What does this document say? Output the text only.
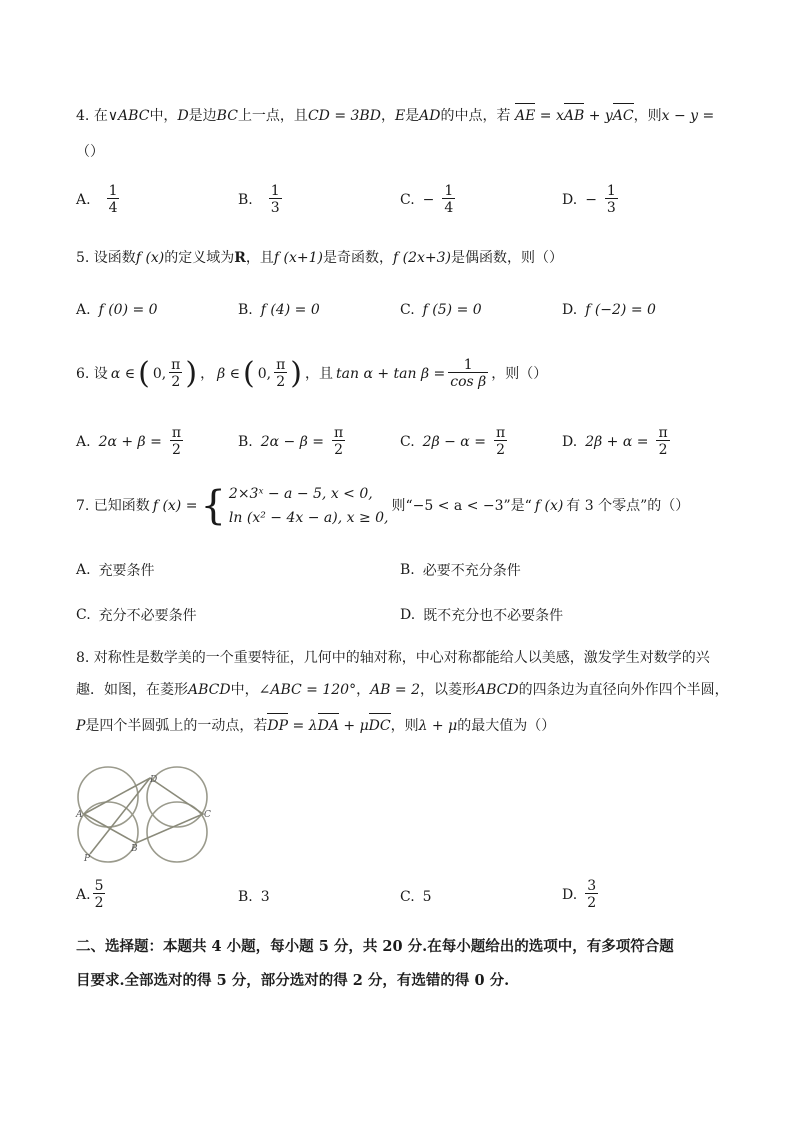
4. 在∨ABC中，D是边BC上一点，且CD = 3BD，E是AD的中点，若 AE = xAB + yAC，则x − y =
（）
A. $\frac{1}{4}$	B. $\frac{1}{3}$	C. − $\frac{1}{4}$	D. − $\frac{1}{3}$
5. 设函数f (x)的定义域为R，且f (x+1)是奇函数，f (2x+3)是偶函数，则（）
A. f (0) = 0	B. f (4) = 0	C. f (5) = 0	D. f (−2) = 0
6. 设 α ∈ ( 0, $\frac{\pi}{2}$ ) ， β ∈ ( 0, $\frac{\pi}{2}$ ) ，且 $\tan \alpha + \tan \beta = \frac{1}{\text{cos β}}$ ，则（）
A. $2\alpha + \beta = \frac{\pi}{2}$	B. $2\alpha - \beta = \frac{\pi}{2}$	C. $2\beta - \alpha = \frac{\pi}{2}$	D. $2\beta + \alpha = \frac{\pi}{2}$
7. 已知函数 f (x) = { 2×3ˣ − a − 5, x < 0,
ln (x² − 4x − a), x ≥ 0,
则“−5 < a < −3”是“ f (x) 有 3 个零点”的（）
A. 充要条件	B. 必要不充分条件
C. 充分不必要条件	D. 既不充分也不必要条件
8. 对称性是数学美的一个重要特征，几何中的轴对称，中心对称都能给人以美感，激发学生对数学的兴
趣．如图，在菱形ABCD中，∠ABC = 120°，AB = 2，以菱形ABCD的四条边为直径向外作四个半圆，
P是四个半圆弧上的一动点，若DP = λDA + μDC，则λ + μ的最大值为（）
A
B
C
D
P
A. $\frac{5}{2}$	B. 3	C. 5	D. $\frac{3}{2}$
二、选择题：本题共 4 小题，每小题 5 分，共 20 分.在每小题给出的选项中，有多项符合题
目要求.全部选对的得 5 分，部分选对的得 2 分，有选错的得 0 分.
